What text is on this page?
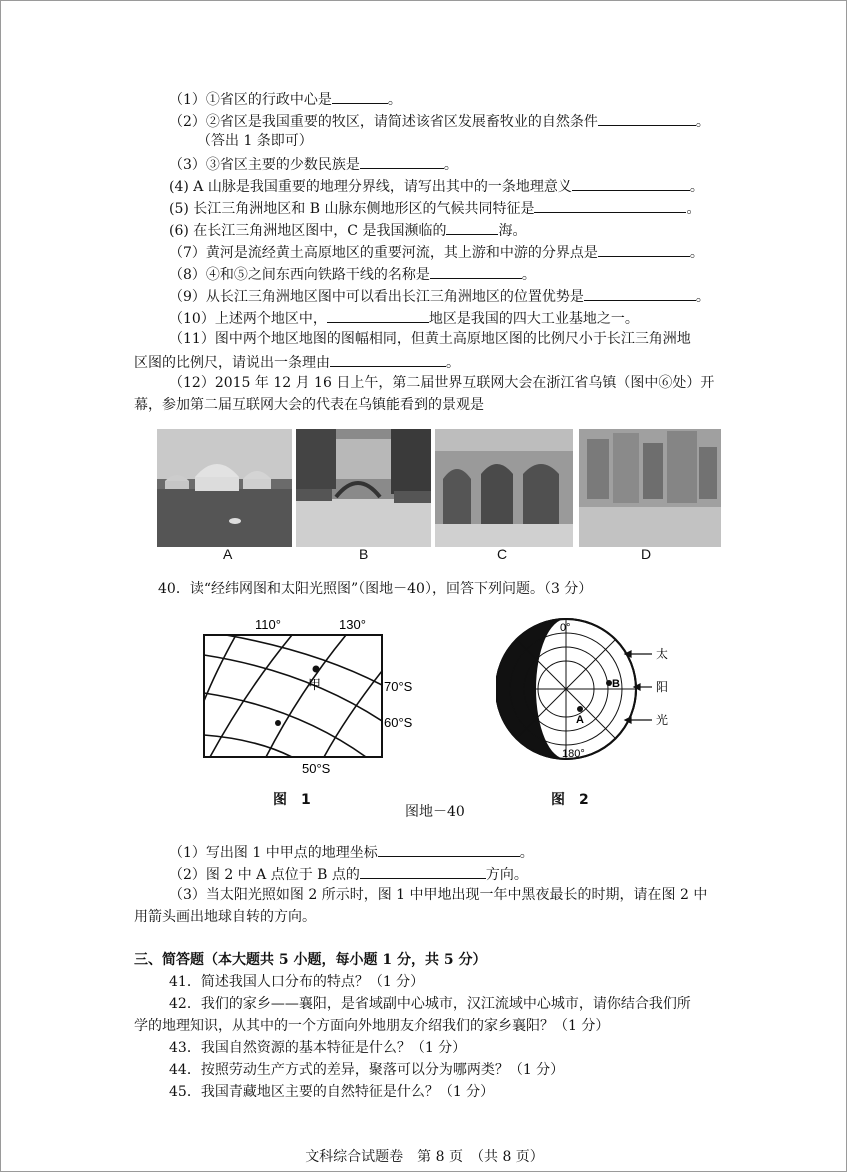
（1）①省区的行政中心是	。
（2）②省区是我国重要的牧区，请简述该省区发展畜牧业的自然条件	。
（答出 1 条即可）
（3）③省区主要的少数民族是	。
(4) A 山脉是我国重要的地理分界线，请写出其中的一条地理意义	。
(5) 长江三角洲地区和 B 山脉东侧地形区的气候共同特征是	。
(6) 在长江三角洲地区图中，C 是我国濒临的	海。
（7）黄河是流经黄土高原地区的重要河流，其上游和中游的分界点是	。
（8）④和⑤之间东西向铁路干线的名称是	。
（9）从长江三角洲地区图中可以看出长江三角洲地区的位置优势是	。
（10）上述两个地区中，	地区是我国的四大工业基地之一。
（11）图中两个地区地图的图幅相同，但黄土高原地区图的比例尺小于长江三角洲地
区图的比例尺，请说出一条理由	。
（12）2015 年 12 月 16 日上午，第二届世界互联网大会在浙江省乌镇（图中⑥处）开
幕，参加第二届互联网大会的代表在乌镇能看到的景观是
A	B	C	D
40．读“经纬网图和太阳光照图”（图地－40），回答下列问题。（3 分）
110°	130°
70°S
60°S
50°S
甲
图　1
0°
180°
B
A
太
阳
光
图　2
图地－40
（1）写出图 1 中甲点的地理坐标	。
（2）图 2 中 A 点位于 B 点的	方向。
（3）当太阳光照如图 2 所示时，图 1 中甲地出现一年中黑夜最长的时期，请在图 2 中
用箭头画出地球自转的方向。
三、简答题（本大题共 5 小题，每小题 1 分，共 5 分）
41．简述我国人口分布的特点？（1 分）
42．我们的家乡——襄阳，是省域副中心城市，汉江流域中心城市，请你结合我们所
学的地理知识，从其中的一个方面向外地朋友介绍我们的家乡襄阳？（1 分）
43．我国自然资源的基本特征是什么？（1 分）
44．按照劳动生产方式的差异，聚落可以分为哪两类？（1 分）
45．我国青藏地区主要的自然特征是什么？（1 分）
文科综合试题卷　第 8 页　（共 8 页）
